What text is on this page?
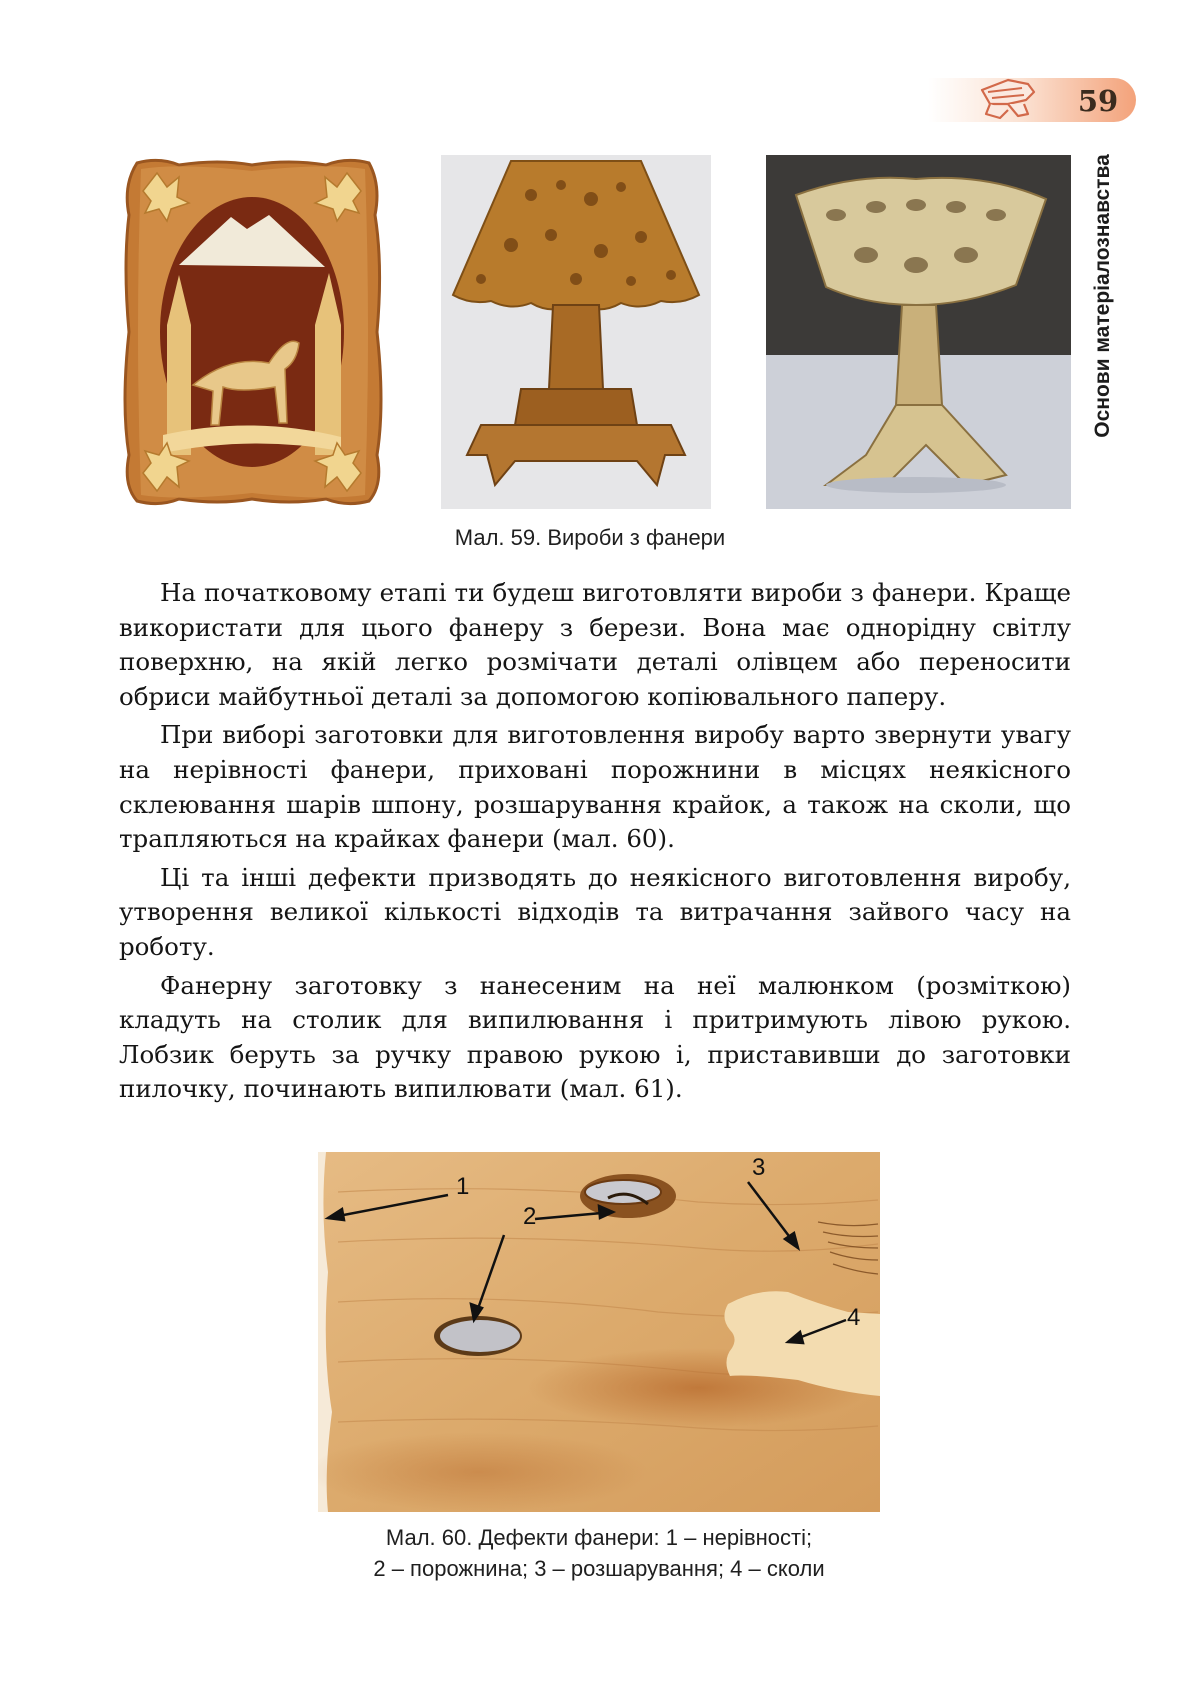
59
Основи матеріалознавства
Мал. 59. Вироби з фанери

На початковому етапі ти будеш виготовляти вироби з фанери. Краще використати для цього фанеру з берези. Вона має однорідну світлу поверхню, на якій легко розмічати деталі олівцем або переносити обриси майбутньої деталі за допомогою копіювального паперу.

При виборі заготовки для виготовлення виробу варто звернути увагу на нерівності фанери, приховані порожнини в місцях неякісного склеювання шарів шпону, розшарування крайок, а також на сколи, що трапляються на крайках фанери (мал. 60).

Ці та інші дефекти призводять до неякісного виготовлення виробу, утворення великої кількості відходів та витрачання зайвого часу на роботу.

Фанерну заготовку з нанесеним на неї малюнком (розміткою) кладуть на столик для випилювання і притримують лівою рукою. Лобзик беруть за ручку правою рукою і, приставивши до заготовки пилочку, починають випилювати (мал. 61).

1
2
3
4
Мал. 60. Дефекти фанери: 1 – нерівності;
2 – порожнина; 3 – розшарування; 4 – сколи
